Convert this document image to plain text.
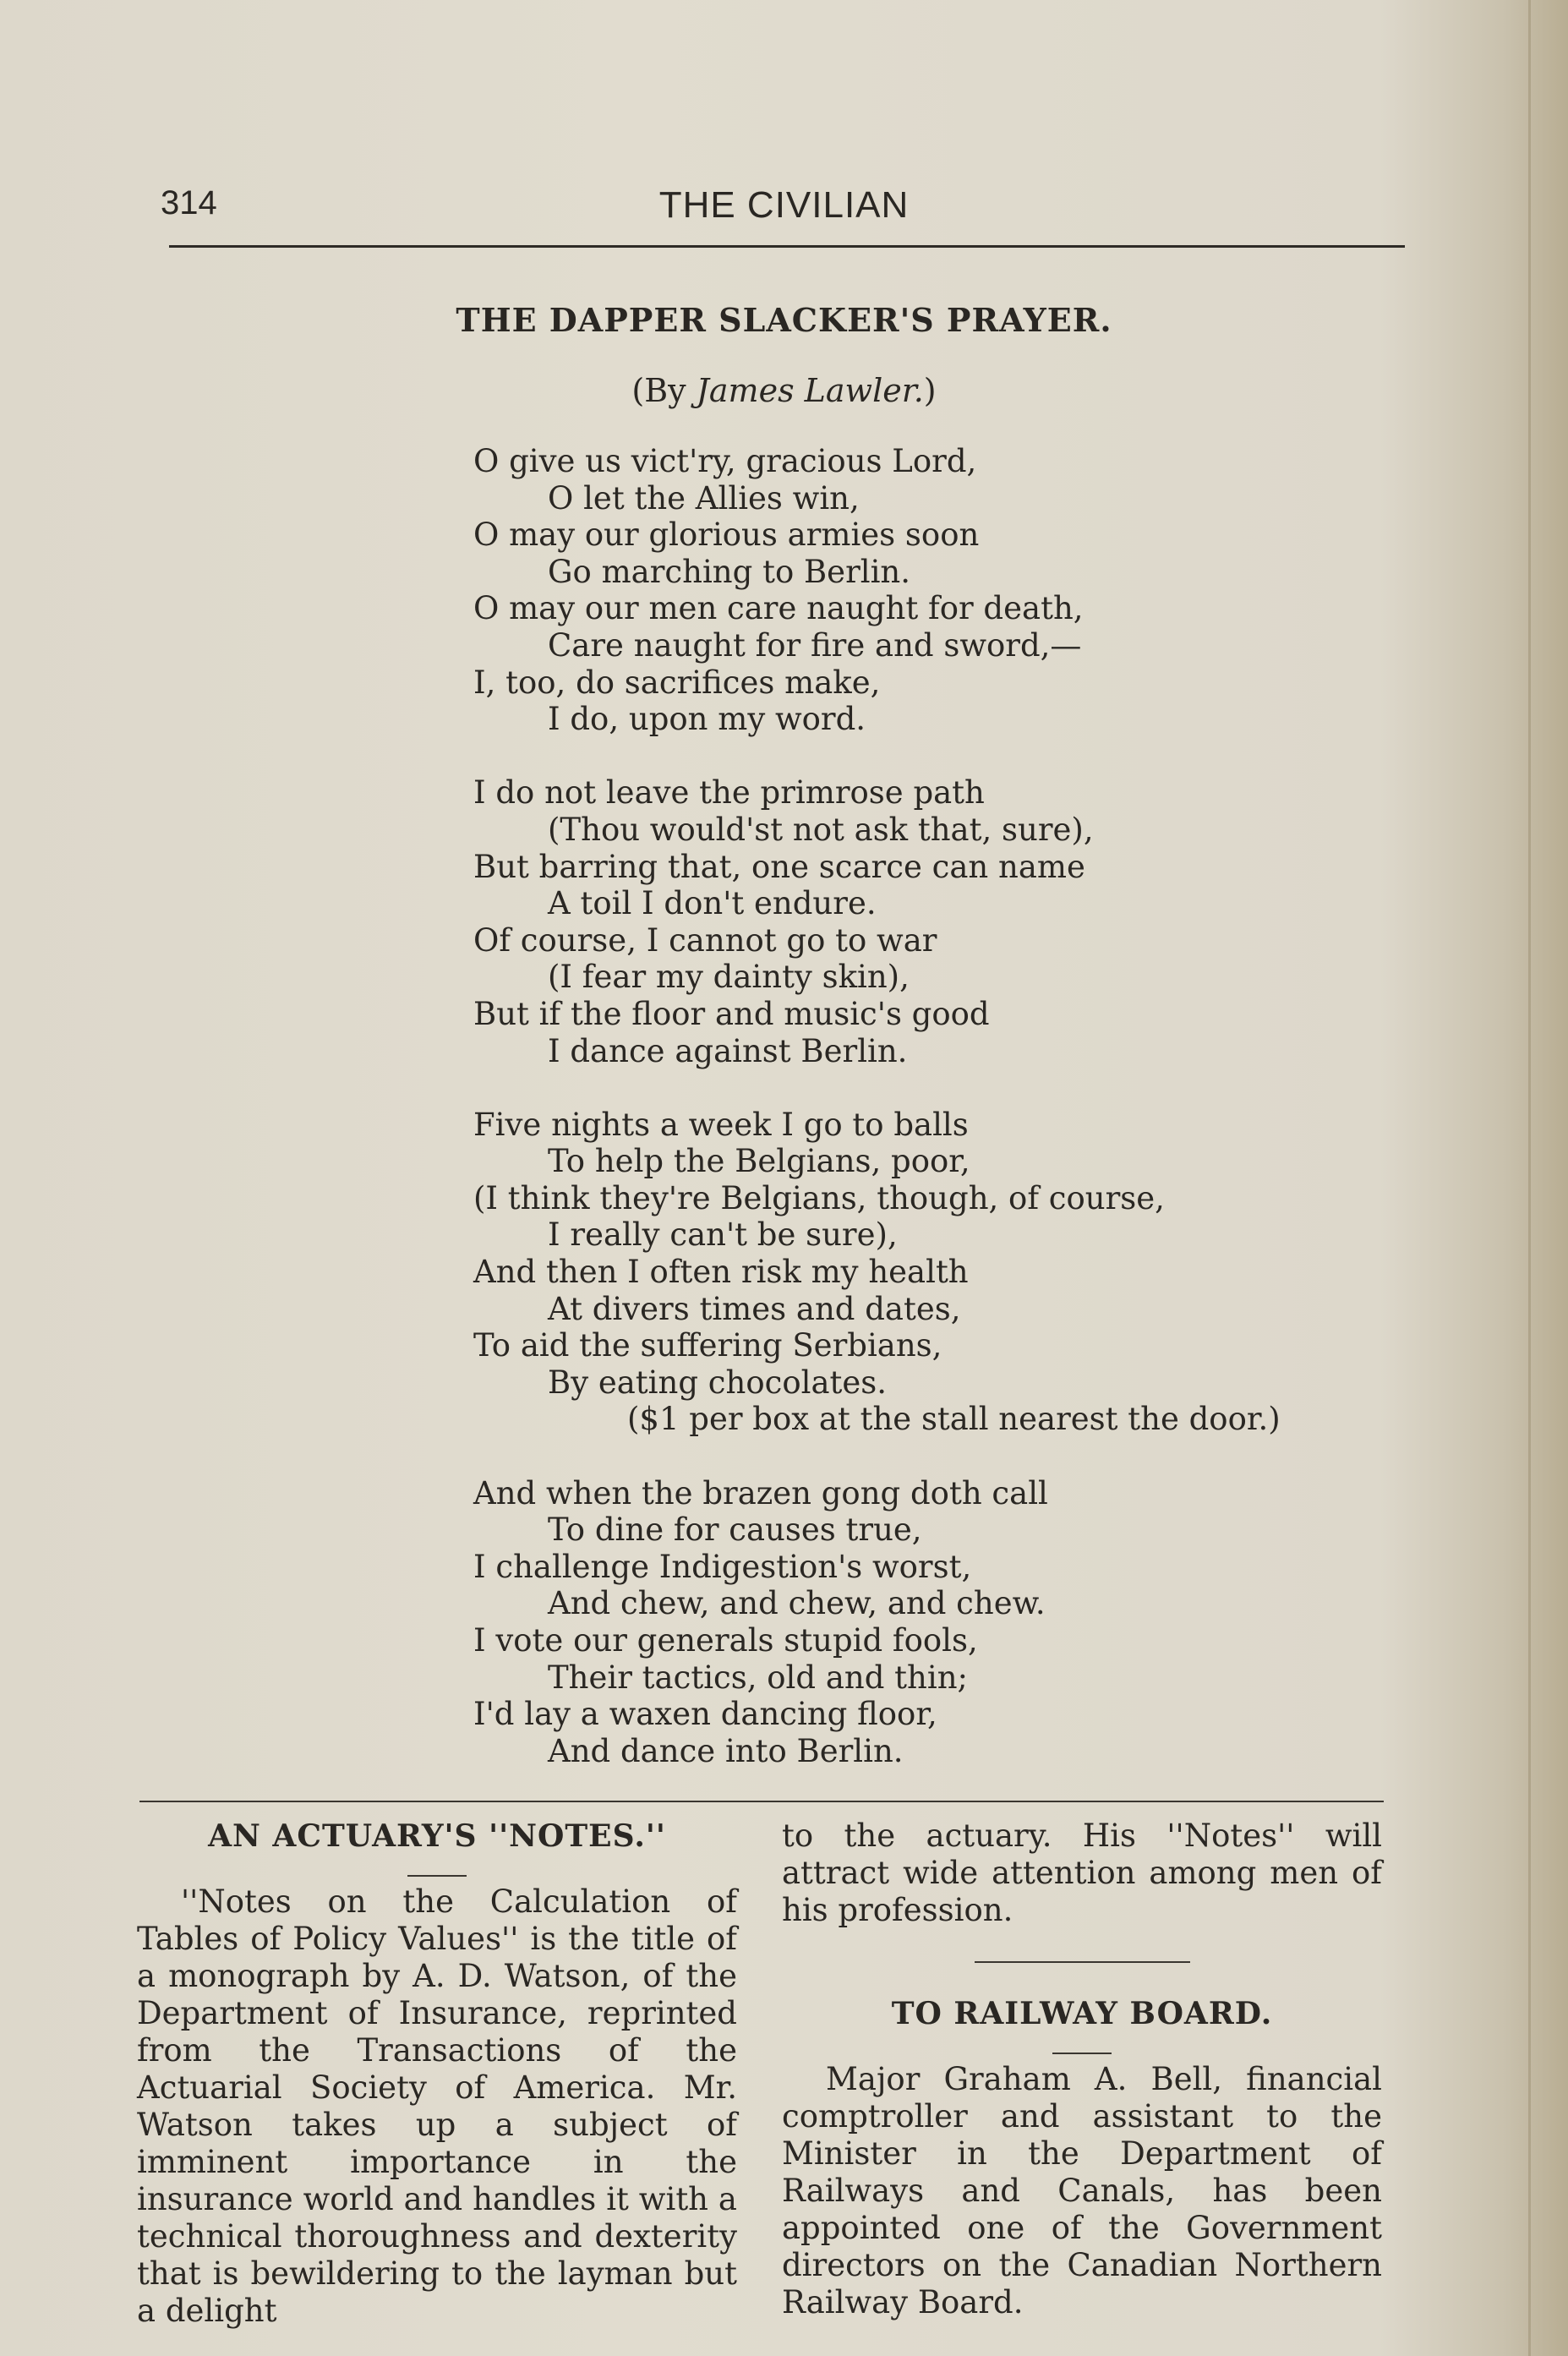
314	THE CIVILIAN
THE DAPPER SLACKER'S PRAYER.
(By James Lawler.)
O give us vict'ry, gracious Lord,
O let the Allies win,
O may our glorious armies soon
Go marching to Berlin.
O may our men care naught for death,
Care naught for fire and sword,—
I, too, do sacrifices make,
I do, upon my word.
I do not leave the primrose path
(Thou would'st not ask that, sure),
But barring that, one scarce can name
A toil I don't endure.
Of course, I cannot go to war
(I fear my dainty skin),
But if the floor and music's good
I dance against Berlin.
Five nights a week I go to balls
To help the Belgians, poor,
(I think they're Belgians, though, of course,
I really can't be sure),
And then I often risk my health
At divers times and dates,
To aid the suffering Serbians,
By eating chocolates.
($1 per box at the stall nearest the door.)
And when the brazen gong doth call
To dine for causes true,
I challenge Indigestion's worst,
And chew, and chew, and chew.
I vote our generals stupid fools,
Their tactics, old and thin;
I'd lay a waxen dancing floor,
And dance into Berlin.
AN ACTUARY'S ''NOTES.''

''Notes on the Calculation of Tables of Policy Values'' is the title of a monograph by A. D. Watson, of the Department of Insurance, reprinted from the Transactions of the Actuarial Society of America. Mr. Watson takes up a subject of imminent importance in the insurance world and handles it with a technical thoroughness and dexterity that is bewildering to the layman but a delight

to the actuary. His ''Notes'' will attract wide attention among men of his profession.

TO RAILWAY BOARD.

Major Graham A. Bell, financial comptroller and assistant to the Minister in the Department of Railways and Canals, has been appointed one of the Government directors on the Canadian Northern Railway Board.
